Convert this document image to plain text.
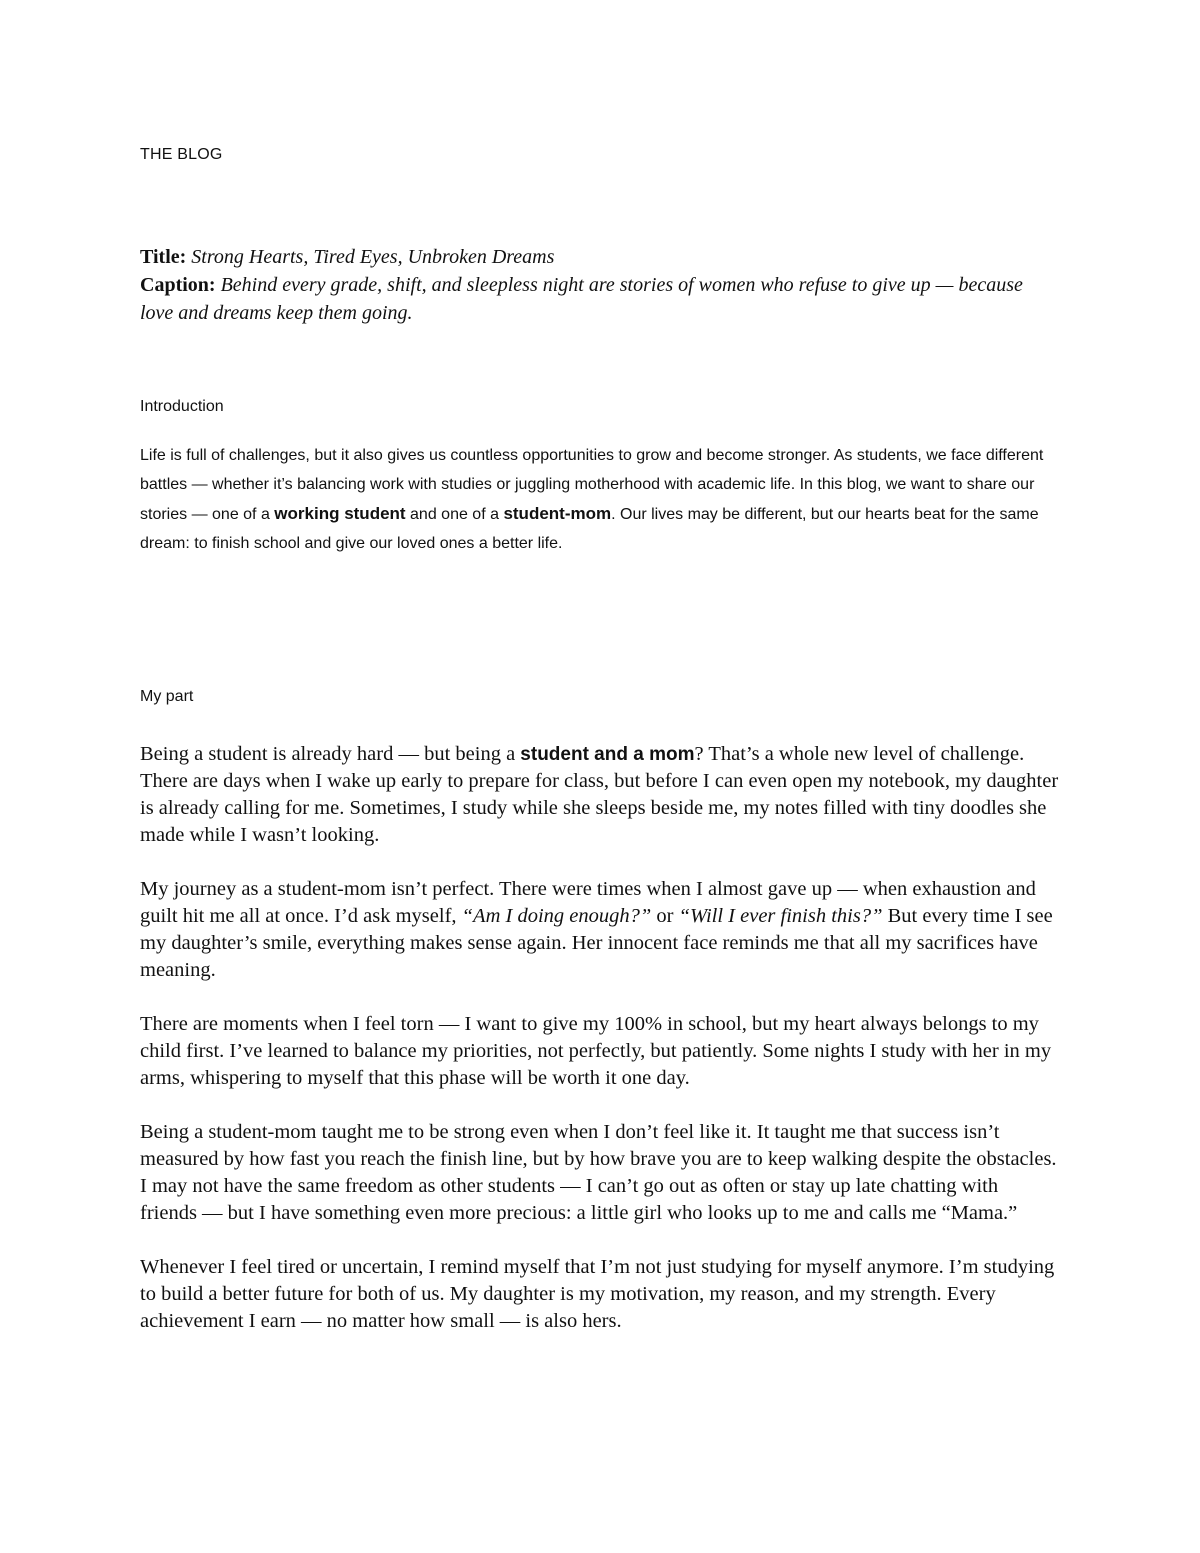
THE BLOG
Title: Strong Hearts, Tired Eyes, Unbroken Dreams
Caption: Behind every grade, shift, and sleepless night are stories of women who refuse to give up — because love and dreams keep them going.
Introduction
Life is full of challenges, but it also gives us countless opportunities to grow and become stronger. As students, we face different battles — whether it’s balancing work with studies or juggling motherhood with academic life. In this blog, we want to share our stories — one of a working student and one of a student-mom. Our lives may be different, but our hearts beat for the same dream: to finish school and give our loved ones a better life.
My part

Being a student is already hard — but being a student and a mom? That’s a whole new level of challenge. There are days when I wake up early to prepare for class, but before I can even open my notebook, my daughter is already calling for me. Sometimes, I study while she sleeps beside me, my notes filled with tiny doodles she made while I wasn’t looking.

My journey as a student-mom isn’t perfect. There were times when I almost gave up — when exhaustion and guilt hit me all at once. I’d ask myself, “Am I doing enough?” or “Will I ever finish this?” But every time I see my daughter’s smile, everything makes sense again. Her innocent face reminds me that all my sacrifices have meaning.

There are moments when I feel torn — I want to give my 100% in school, but my heart always belongs to my child first. I’ve learned to balance my priorities, not perfectly, but patiently. Some nights I study with her in my arms, whispering to myself that this phase will be worth it one day.

Being a student-mom taught me to be strong even when I don’t feel like it. It taught me that success isn’t measured by how fast you reach the finish line, but by how brave you are to keep walking despite the obstacles. I may not have the same freedom as other students — I can’t go out as often or stay up late chatting with friends — but I have something even more precious: a little girl who looks up to me and calls me “Mama.”

Whenever I feel tired or uncertain, I remind myself that I’m not just studying for myself anymore. I’m studying to build a better future for both of us. My daughter is my motivation, my reason, and my strength. Every achievement I earn — no matter how small — is also hers.
